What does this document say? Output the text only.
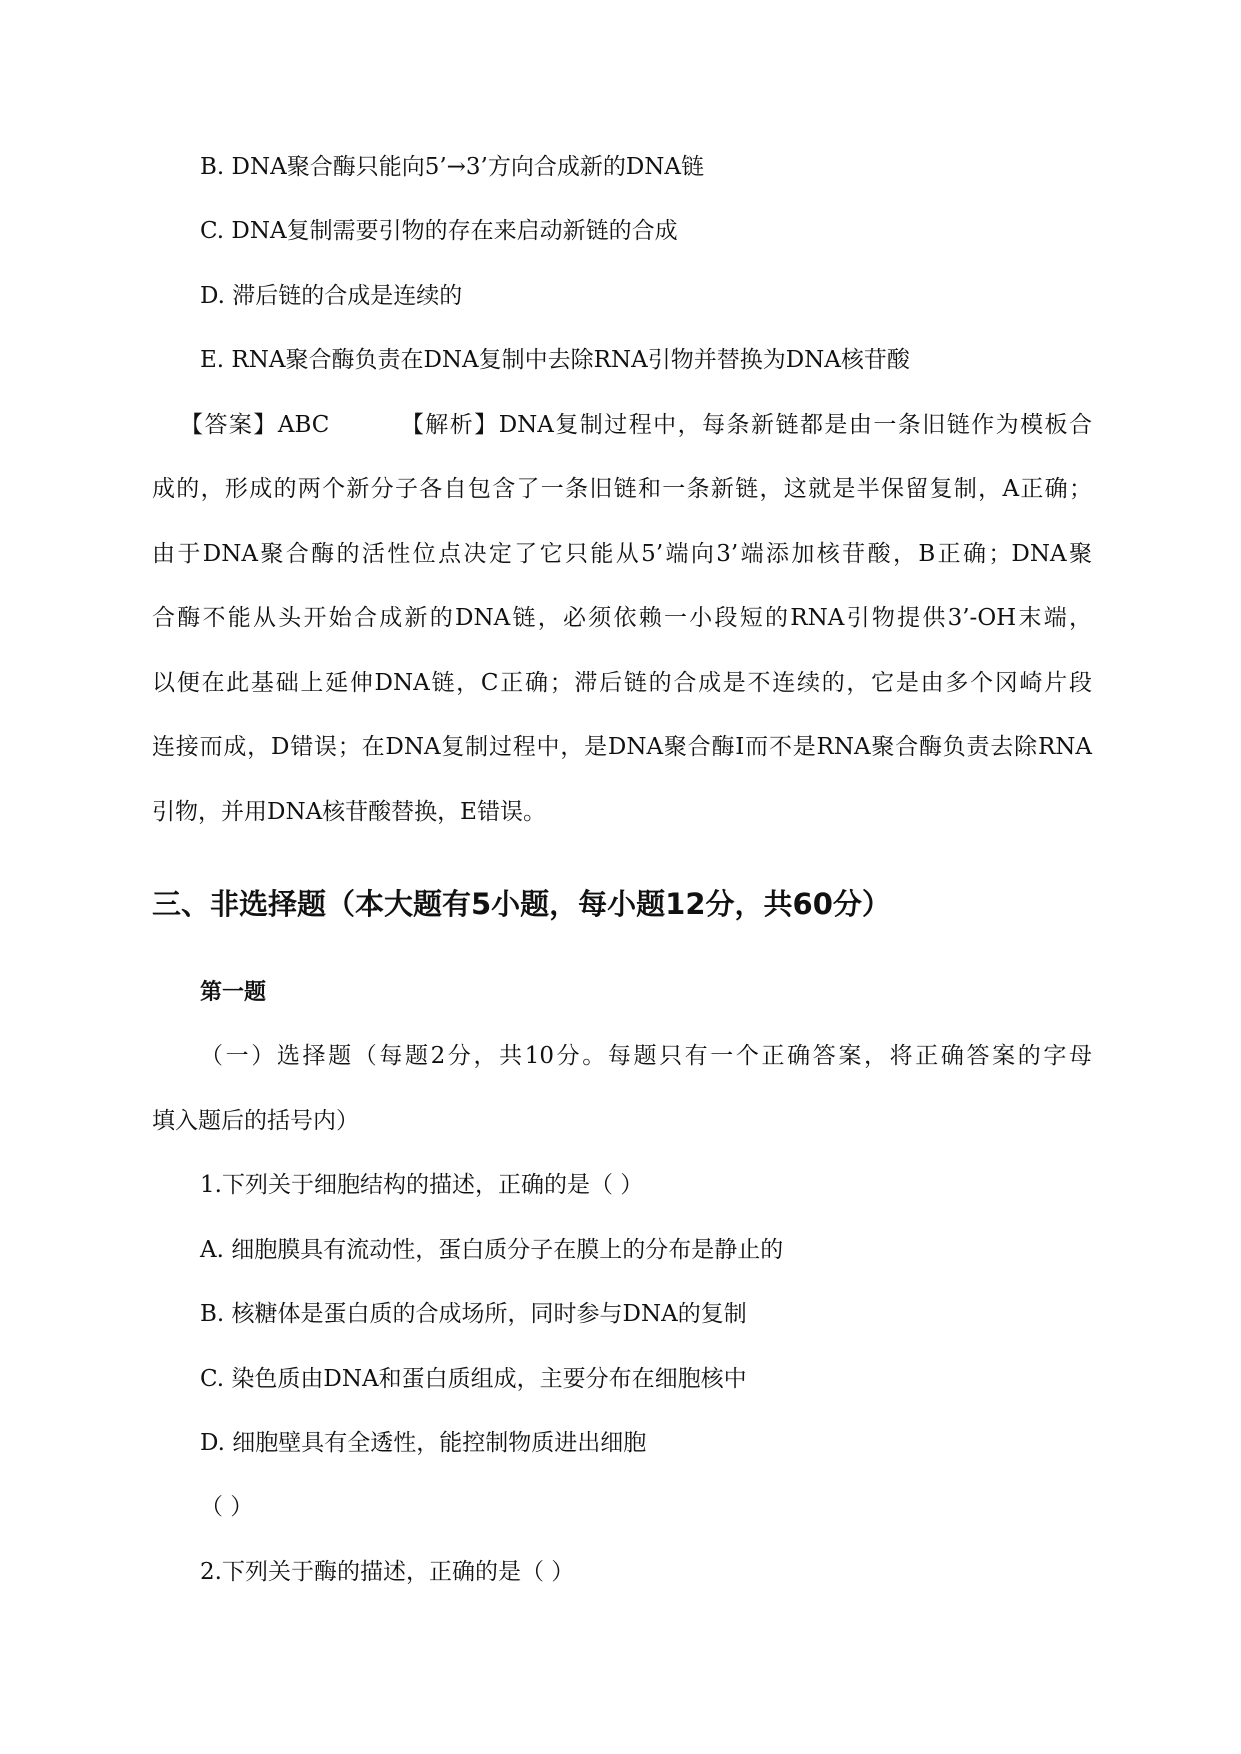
B. DNA聚合酶只能向5’→3’方向合成新的DNA链
C. DNA复制需要引物的存在来启动新链的合成
D. 滞后链的合成是连续的
E. RNA聚合酶负责在DNA复制中去除RNA引物并替换为DNA核苷酸
【答案】ABC	【解析】DNA复制过程中，每条新链都是由一条旧链作为模板合
成的，形成的两个新分子各自包含了一条旧链和一条新链，这就是半保留复制，A正确；
由于DNA聚合酶的活性位点决定了它只能从5’端向3’端添加核苷酸，B正确；DNA聚
合酶不能从头开始合成新的DNA链，必须依赖一小段短的RNA引物提供3’-OH末端，
以便在此基础上延伸DNA链，C正确；滞后链的合成是不连续的，它是由多个冈崎片段
连接而成，D错误；在DNA复制过程中，是DNA聚合酶I而不是RNA聚合酶负责去除RNA
引物，并用DNA核苷酸替换，E错误。
三、非选择题（本大题有5小题，每小题12分，共60分）
第一题
（一）选择题（每题2分，共10分。每题只有一个正确答案，将正确答案的字母
填入题后的括号内）
1.下列关于细胞结构的描述，正确的是（ ）
A. 细胞膜具有流动性，蛋白质分子在膜上的分布是静止的
B. 核糖体是蛋白质的合成场所，同时参与DNA的复制
C. 染色质由DNA和蛋白质组成，主要分布在细胞核中
D. 细胞壁具有全透性，能控制物质进出细胞
（ ）
2.下列关于酶的描述，正确的是（ ）
